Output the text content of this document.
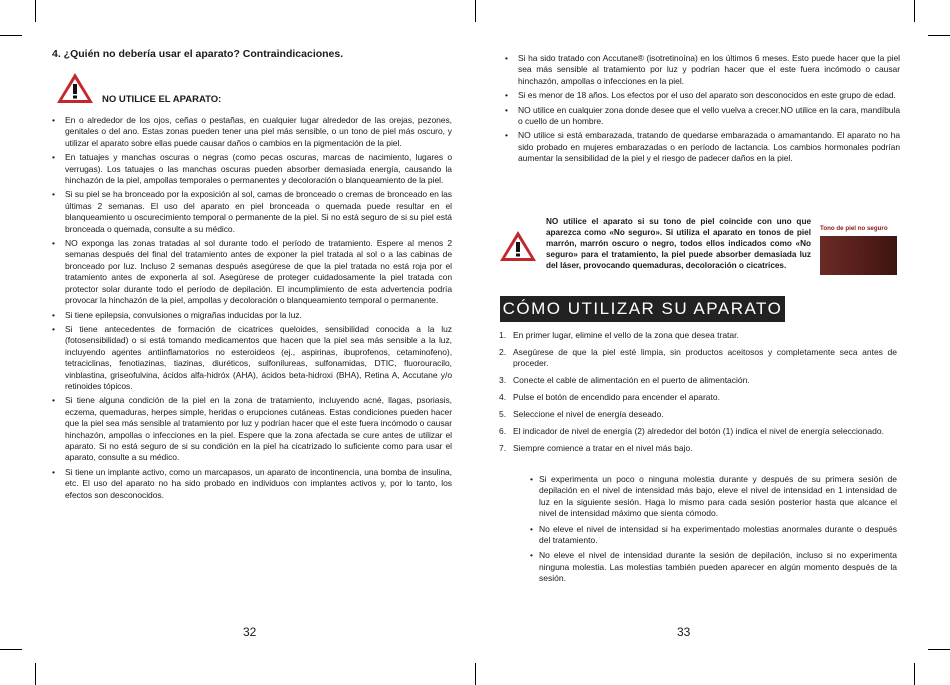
4. ¿Quién no debería usar el aparato? Contraindicaciones.
NO UTILICE EL APARATO:
• En o alrededor de los ojos, ceñas o pestañas, en cualquier lugar alrededor de las orejas, pezones, genitales o del ano. Estas zonas pueden tener una piel más sensible, o un tono de piel más oscuro, y utilizar el aparato sobre ellas puede causar daños o cambios en la pigmentación de la piel.
• En tatuajes y manchas oscuras o negras (como pecas oscuras, marcas de nacimiento, lugares o verrugas). Los tatuajes o las manchas oscuras pueden absorber demasiada energía, causando la hinchazón de la piel, ampollas temporales o permanentes y decoloración o blanqueamiento de la piel.
• Si su piel se ha bronceado por la exposición al sol, camas de bronceado o cremas de bronceado en las últimas 2 semanas. El uso del aparato en piel bronceada o quemada puede resultar en el blanqueamiento u oscurecimiento temporal o permanente de la piel. Si no está seguro de si su piel está bronceada o quemada, consulte a su médico.
• NO exponga las zonas tratadas al sol durante todo el período de tratamiento. Espere al menos 2 semanas después del final del tratamiento antes de exponer la piel tratada al sol o a las cabinas de bronceado por luz. Incluso 2 semanas después asegúrese de que la piel tratada no está roja por el tratamiento antes de exponerla al sol. Asegúrese de proteger cuidadosamente la piel tratada con protector solar durante todo el período de depilación. El incumplimiento de esta advertencia podría provocar la hinchazón de la piel, ampollas y decoloración o blanqueamiento temporal o permanente.
• Si tiene epilepsia, convulsiones o migrañas inducidas por la luz.
• Si tiene antecedentes de formación de cicatrices queloides, sensibilidad conocida a la luz (fotosensibilidad) o si está tomando medicamentos que hacen que la piel sea más sensible a la luz, incluyendo agentes antiinflamatorios no esteroideos (ej., aspirinas, ibuprofenos, cetaminofeno), tetraciclinas, fenotiazinas, tiazinas, diuréticos, sulfonilureas, sulfonamidas, DTIC, fluorouracilo, vinblastina, griseofulvina, ácidos alfa-hidróx (AHA), ácidos beta-hidroxi (BHA), Retina A, Accutane y/o retinoides tópicos.
• Si tiene alguna condición de la piel en la zona de tratamiento, incluyendo acné, llagas, psoriasis, eczema, quemaduras, herpes simple, heridas o erupciones cutáneas. Estas condiciones pueden hacer que la piel sea más sensible al tratamiento por luz y podrían hacer que el este fuera incómodo o causar hinchazón, ampollas o infecciones en la piel. Espere que la zona afectada se cure antes de utilizar el aparato. Si no está seguro de si su condición en la piel ha cicatrizado lo suficiente como para usar el aparato, consulte a su médico.
• Si tiene un implante activo, como un marcapasos, un aparato de incontinencia, una bomba de insulina, etc. El uso del aparato no ha sido probado en individuos con implantes activos y, por lo tanto, los efectos son desconocidos.
32
• Si ha sido tratado con Accutane® (isotretinoína) en los últimos 6 meses. Esto puede hacer que la piel sea más sensible al tratamiento por luz y podrían hacer que el este fuera incómodo o causar hinchazón, ampollas o infecciones en la piel.
• Si es menor de 18 años. Los efectos por el uso del aparato son desconocidos en este grupo de edad.
• NO utilice en cualquier zona donde desee que el vello vuelva a crecer.NO utilice en la cara, mandíbula o cuello de un hombre.
• NO utilice si está embarazada, tratando de quedarse embarazada o amamantando. El aparato no ha sido probado en mujeres embarazadas o en período de lactancia. Los cambios hormonales podrían aumentar la sensibilidad de la piel y el riesgo de padecer daños en la piel.
NO utilice el aparato si su tono de piel coincide con uno que aparezca como «No seguro». Si utiliza el aparato en tonos de piel marrón, marrón oscuro o negro, todos ellos indicados como «No seguro» para el tratamiento, la piel puede absorber demasiada luz del láser, provocando quemaduras, decoloración o cicatrices.
Tono de piel no seguro
CÓMO UTILIZAR SU APARATO
1. En primer lugar, elimine el vello de la zona que desea tratar.
2. Asegúrese de que la piel esté limpia, sin productos aceitosos y completamente seca antes de proceder.
3. Conecte el cable de alimentación en el puerto de alimentación.
4. Pulse el botón de encendido para encender el aparato.
5. Seleccione el nivel de energía deseado.
6. El indicador de nivel de energía (2) alrededor del botón (1) indica el nivel de energía seleccionado.
7. Siempre comience a tratar en el nivel más bajo.
• Si experimenta un poco o ninguna molestia durante y después de su primera sesión de depilación en el nivel de intensidad más bajo, eleve el nivel de intensidad en 1 intensidad de luz en la siguiente sesión. Haga lo mismo para cada sesión posterior hasta que alcance el nivel de intensidad máximo que sienta cómodo.
• No eleve el nivel de intensidad si ha experimentado molestias anormales durante o después del tratamiento.
• No eleve el nivel de intensidad durante la sesión de depilación, incluso si no experimenta ninguna molestia. Las molestias también pueden aparecer en algún momento después de la sesión.
33
